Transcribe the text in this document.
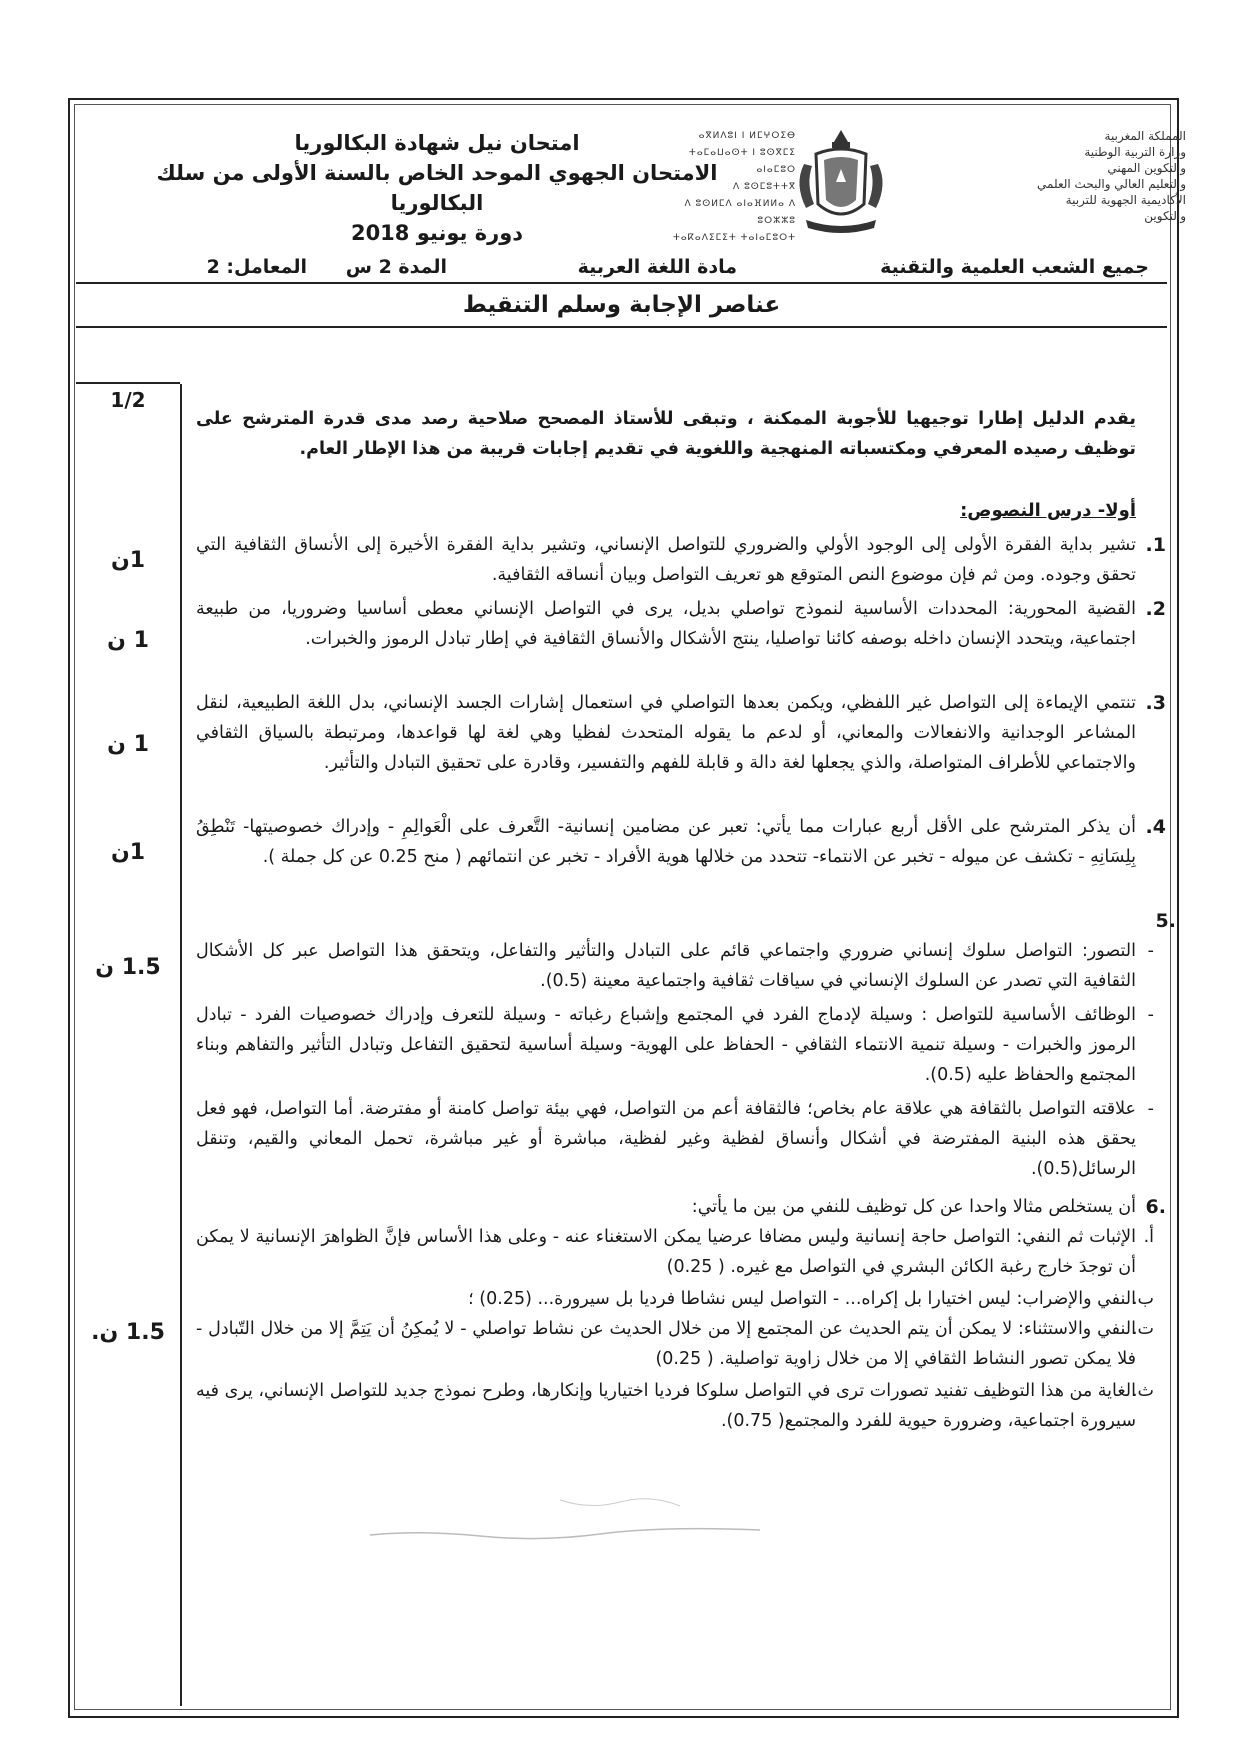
امتحان نيل شهادة البكالوريا
الامتحان الجهوي الموحد الخاص بالسنة الأولى من سلك البكالوريا
دورة يونيو 2018
ⴰⴳⵍⴷⵓⵏ ⵏ ⵍⵎⵖⵔⵉⴱ
ⵜⴰⵎⴰⵡⴰⵙⵜ ⵏ ⵓⵙⴳⵎⵉ ⴰⵏⴰⵎⵓⵔ
ⴷ ⵓⵙⵎⵓⵜⵜⴳ
ⴷ ⵓⵙⵍⵎⴷ ⴰⵏⴰⴼⵍⵍⴰ ⴷ ⵓⵔⵣⵣⵓ
ⵜⴰⴽⴰⴷⵉⵎⵉⵜ ⵜⴰⵏⴰⵎⵓⵔⵜ
المملكة المغربية
وزارة التربية الوطنية
والتكوين المهني
والتعليم العالي والبحث العلمي
الأكاديمية الجهوية للتربية والتكوين
جميع الشعب العلمية والتقنية
مادة اللغة العربية
المدة 2 س
المعامل: 2
عناصر الإجابة وسلم التنقيط
1/2
1ن
1 ن
1 ن
1ن
1.5 ن
1.5 ن.
يقدم الدليل إطارا توجيهيا للأجوبة الممكنة ، وتبقى للأستاذ المصحح صلاحية رصد مدى قدرة المترشح على توظيف رصيده المعرفي ومكتسباته المنهجية واللغوية في تقديم إجابات قريبة من هذا الإطار العام.
أولا- درس النصوص:
1.

تشير بداية الفقرة الأولى إلى الوجود الأولي والضروري للتواصل الإنساني، وتشير بداية الفقرة الأخيرة إلى الأنساق الثقافية التي تحقق وجوده. ومن ثم فإن موضوع النص المتوقع هو تعريف التواصل وبيان أنساقه الثقافية.

2.

القضية المحورية: المحددات الأساسية لنموذج تواصلي بديل، يرى في التواصل الإنساني معطى أساسيا وضروريا، من طبيعة اجتماعية، ويتحدد الإنسان داخله بوصفه كائنا تواصليا، ينتج الأشكال والأنساق الثقافية في إطار تبادل الرموز والخبرات.

3.

تنتمي الإيماءة إلى التواصل غير اللفظي، ويكمن بعدها التواصلي في استعمال إشارات الجسد الإنساني، بدل اللغة الطبيعية، لنقل المشاعر الوجدانية والانفعالات والمعاني، أو لدعم ما يقوله المتحدث لفظيا وهي لغة لها قواعدها، ومرتبطة بالسياق الثقافي والاجتماعي للأطراف المتواصلة، والذي يجعلها لغة دالة و قابلة للفهم والتفسير، وقادرة على تحقيق التبادل والتأثير.

4.

أن يذكر المترشح على الأقل أربع عبارات مما يأتي: تعبر عن مضامين إنسانية- التَّعرف على الْعَوالِمِ - وإدراك خصوصيتها- تَنْطِقُ بِلِسَانِهِ - تكشف عن ميوله - تخبر عن الانتماء- تتحدد من خلالها هوية الأفراد - تخبر عن انتمائهم ( منح 0.25 عن كل جملة ).

.5
-

التصور: التواصل سلوك إنساني ضروري واجتماعي قائم على التبادل والتأثير والتفاعل، ويتحقق هذا التواصل عبر كل الأشكال الثقافية التي تصدر عن السلوك الإنساني في سياقات ثقافية واجتماعية معينة (0.5).

-

الوظائف الأساسية للتواصل : وسيلة لإدماج الفرد في المجتمع وإشباع رغباته - وسيلة للتعرف وإدراك خصوصيات الفرد - تبادل الرموز والخبرات - وسيلة تنمية الانتماء الثقافي - الحفاظ على الهوية- وسيلة أساسية لتحقيق التفاعل وتبادل التأثير والتفاهم وبناء المجتمع والحفاظ عليه (0.5).

-

علاقته التواصل بالثقافة هي علاقة عام بخاص؛ فالثقافة أعم من التواصل، فهي بيئة تواصل كامنة أو مفترضة. أما التواصل، فهو فعل يحقق هذه البنية المفترضة في أشكال وأنساق لفظية وغير لفظية، مباشرة أو غير مباشرة، تحمل المعاني والقيم، وتنقل الرسائل(0.5).

.6

أن يستخلص مثالا واحدا عن كل توظيف للنفي من بين ما يأتي:

أ.

الإثبات ثم النفي: التواصل حاجة إنسانية وليس مضافا عرضيا يمكن الاستغناء عنه - وعلى هذا الأساس فإنَّ الظواهرَ الإنسانية لا يمكن أن توجدَ خارج رغبة الكائن البشري في التواصل مع غيره. ( 0.25)

ب.

النفي والإضراب: ليس اختيارا بل إكراه... - التواصل ليس نشاطا فرديا بل سيرورة... (0.25) ؛

ت.

النفي والاستثناء: لا يمكن أن يتم الحديث عن المجتمع إلا من خلال الحديث عن نشاط تواصلي - لا يُمكِنُ أن يَتِمَّ إلا من خلال التّبادل - فلا يمكن تصور النشاط الثقافي إلا من خلال زاوية تواصلية. ( 0.25)

ث.

الغاية من هذا التوظيف تفنيد تصورات ترى في التواصل سلوكا فرديا اختياريا وإنكارها، وطرح نموذج جديد للتواصل الإنساني، يرى فيه سيرورة اجتماعية، وضرورة حيوية للفرد والمجتمع( 0.75).
